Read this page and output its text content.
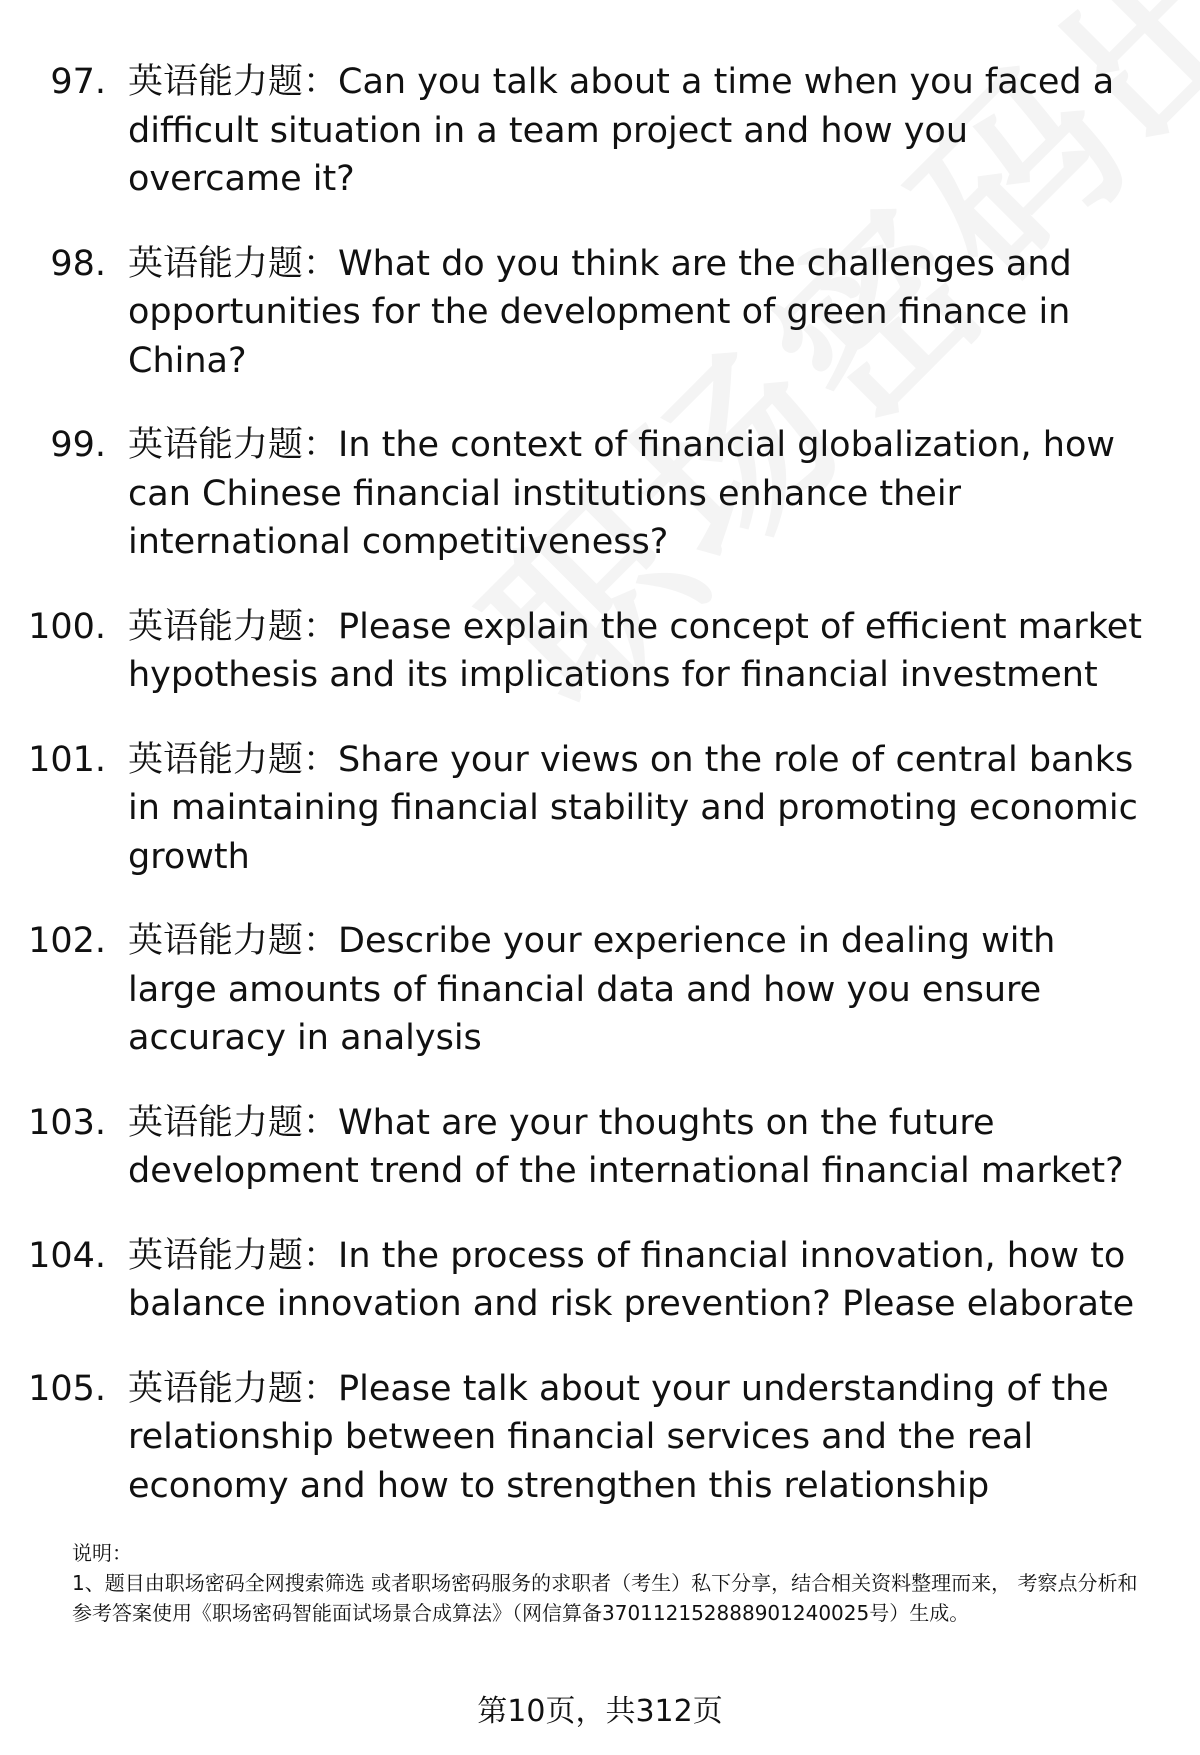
97. 英语能力题：Can you talk about a time when you faced a difficult situation in a team project and how you overcame it?
98. 英语能力题：What do you think are the challenges and opportunities for the development of green finance in China?
99. 英语能力题：In the context of financial globalization, how can Chinese financial institutions enhance their international competitiveness?
100. 英语能力题：Please explain the concept of efficient market hypothesis and its implications for financial investment
101. 英语能力题：Share your views on the role of central banks in maintaining financial stability and promoting economic growth
102. 英语能力题：Describe your experience in dealing with large amounts of financial data and how you ensure accuracy in analysis
103. 英语能力题：What are your thoughts on the future development trend of the international financial market?
104. 英语能力题：In the process of financial innovation, how to balance innovation and risk prevention? Please elaborate
105. 英语能力题：Please talk about your understanding of the relationship between financial services and the real economy and how to strengthen this relationship
说明：
1、题目由职场密码全网搜索筛选 或者职场密码服务的求职者（考生）私下分享，结合相关资料整理而来， 考察点分析和参考答案使用《职场密码智能面试场景合成算法》（网信算备370112152888901240025号）生成。
第10页，共312页
